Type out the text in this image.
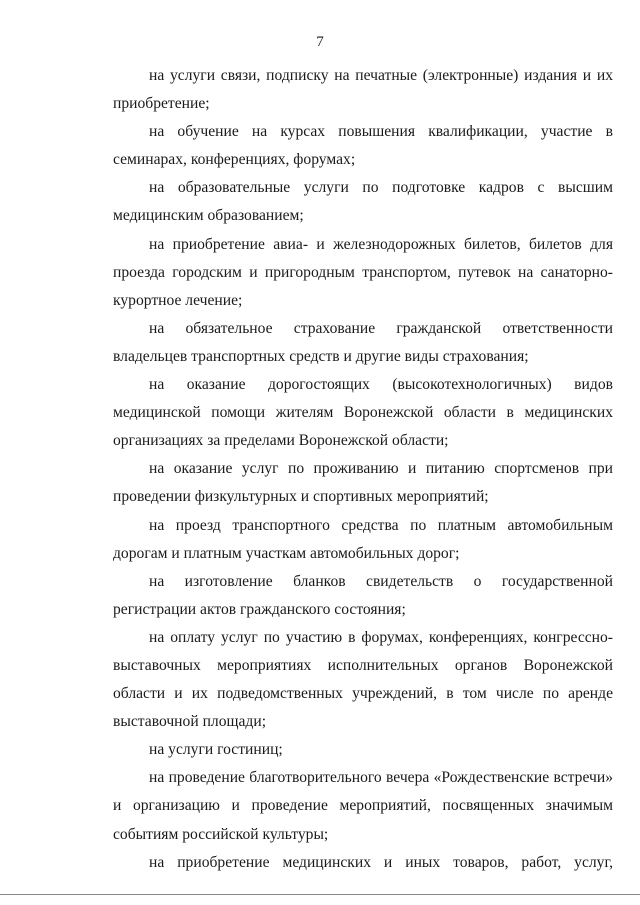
7

на услуги связи, подписку на печатные (электронные) издания и их приобретение;

на обучение на курсах повышения квалификации, участие в семинарах, конференциях, форумах;

на образовательные услуги по подготовке кадров с высшим медицинским образованием;

на приобретение авиа- и железнодорожных билетов, билетов для проезда городским и пригородным транспортом, путевок на санаторно-курортное лечение;

на обязательное страхование гражданской ответственности владельцев транспортных средств и другие виды страхования;

на оказание дорогостоящих (высокотехнологичных) видов медицинской помощи жителям Воронежской области в медицинских организациях за пределами Воронежской области;

на оказание услуг по проживанию и питанию спортсменов при проведении физкультурных и спортивных мероприятий;

на проезд транспортного средства по платным автомобильным дорогам и платным участкам автомобильных дорог;

на изготовление бланков свидетельств о государственной регистрации актов гражданского состояния;

на оплату услуг по участию в форумах, конференциях, конгрессно-выставочных мероприятиях исполнительных органов Воронежской области и их подведомственных учреждений, в том числе по аренде выставочной площади;

на услуги гостиниц;

на проведение благотворительного вечера «Рождественские встречи» и организацию и проведение мероприятий, посвященных значимым событиям российской культуры;

на приобретение медицинских и иных товаров, работ, услуг,
